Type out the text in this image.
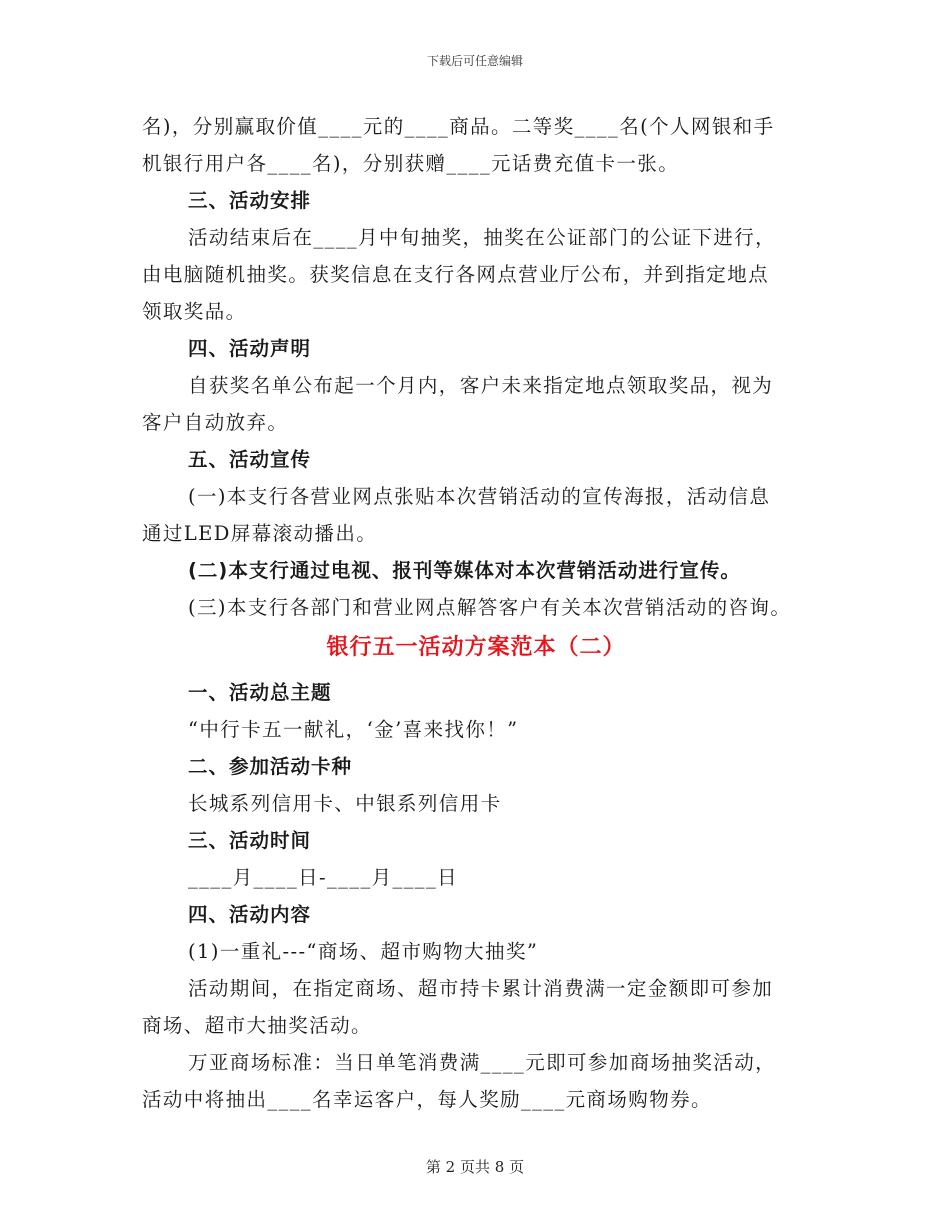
下载后可任意编辑
名)，分别赢取价值____元的____商品。二等奖____名(个人网银和手
机银行用户各____名)，分别获赠____元话费充值卡一张。
三、活动安排
活动结束后在____月中旬抽奖，抽奖在公证部门的公证下进行，
由电脑随机抽奖。获奖信息在支行各网点营业厅公布，并到指定地点
领取奖品。
四、活动声明
自获奖名单公布起一个月内，客户未来指定地点领取奖品，视为
客户自动放弃。
五、活动宣传
(一)本支行各营业网点张贴本次营销活动的宣传海报，活动信息
通过LED屏幕滚动播出。
(二)本支行通过电视、报刊等媒体对本次营销活动进行宣传。
(三)本支行各部门和营业网点解答客户有关本次营销活动的咨询。
银行五一活动方案范本（二）
一、活动总主题
“中行卡五一献礼，‘金’喜来找你！”
二、参加活动卡种
长城系列信用卡、中银系列信用卡
三、活动时间
____月____日-____月____日
四、活动内容
(1)一重礼---“商场、超市购物大抽奖”
活动期间，在指定商场、超市持卡累计消费满一定金额即可参加
商场、超市大抽奖活动。
万亚商场标准：当日单笔消费满____元即可参加商场抽奖活动，
活动中将抽出____名幸运客户，每人奖励____元商场购物券。
第 2 页共 8 页
